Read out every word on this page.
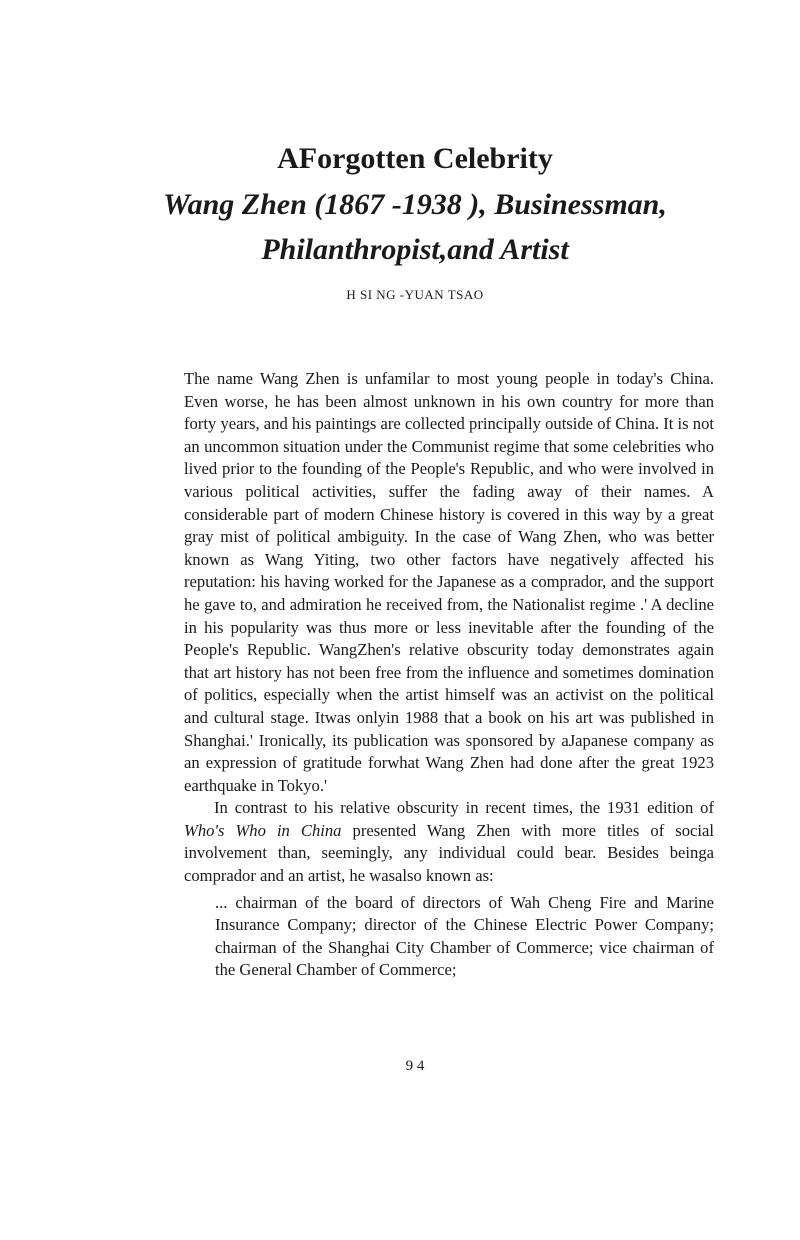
AForgotten Celebrity
Wang Zhen (1867 -1938 ), Businessman,
Philanthropist,and Artist
H SI NG -YUAN TSAO

The name Wang Zhen is unfamilar to most young people in today's China. Even worse, he has been almost unknown in his own country for more than forty years, and his paintings are collected principally outside of China. It is not an uncommon situation under the Communist regime that some celebrities who lived prior to the founding of the People's Republic, and who were involved in various political activities, suffer the fading away of their names. A considerable part of modern Chinese history is covered in this way by a great gray mist of political ambiguity. In the case of Wang Zhen, who was better known as Wang Yiting, two other factors have negatively affected his reputation: his having worked for the Japanese as a comprador, and the support he gave to, and admiration he received from, the Nationalist regime .' A decline in his popularity was thus more or less inevitable after the founding of the People's Republic. WangZhen's relative obscurity today demonstrates again that art history has not been free from the influence and sometimes domination of politics, especially when the artist himself was an activist on the political and cultural stage. Itwas onlyin 1988 that a book on his art was published in Shanghai.' Ironically, its publication was sponsored by aJapanese company as an expression of gratitude forwhat Wang Zhen had done after the great 1923 earthquake in Tokyo.'

In contrast to his relative obscurity in recent times, the 1931 edition of Who's Who in China presented Wang Zhen with more titles of social involvement than, seemingly, any individual could bear. Besides beinga comprador and an artist, he wasalso known as:

... chairman of the board of directors of Wah Cheng Fire and Marine Insurance Company; director of the Chinese Electric Power Company; chairman of the Shanghai City Chamber of Commerce; vice chairman of the General Chamber of Commerce;

9 4
